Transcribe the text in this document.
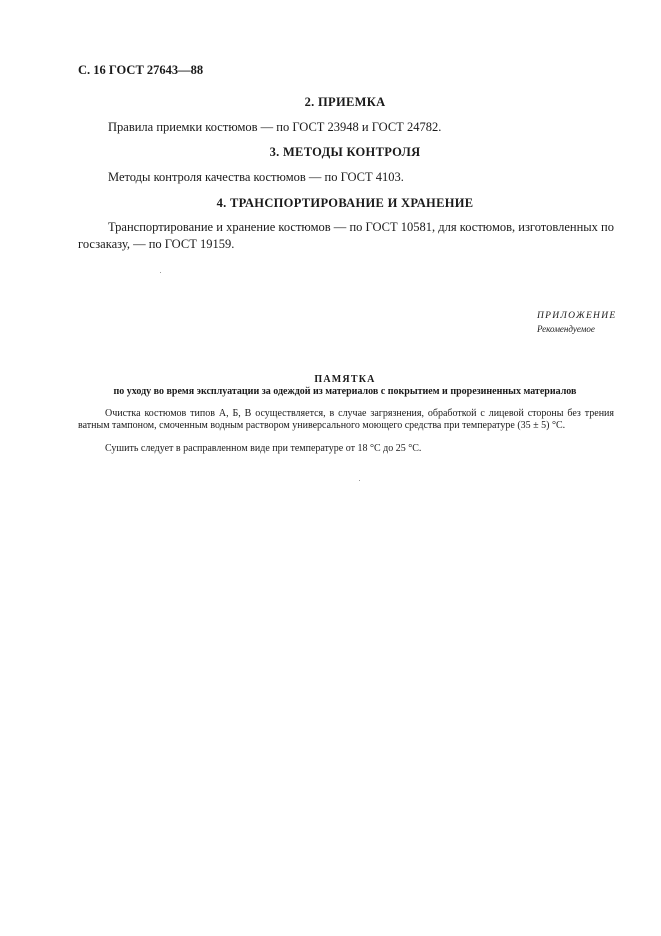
С. 16 ГОСТ 27643—88
2. ПРИЕМКА
Правила приемки костюмов — по ГОСТ 23948 и ГОСТ 24782.
3. МЕТОДЫ КОНТРОЛЯ
Методы контроля качества костюмов — по ГОСТ 4103.
4. ТРАНСПОРТИРОВАНИЕ И ХРАНЕНИЕ
Транспортирование и хранение костюмов — по ГОСТ 10581, для костюмов, изготовленных по госзаказу, — по ГОСТ 19159.
ПРИЛОЖЕНИЕ
Рекомендуемое
ПАМЯТКА
по уходу во время эксплуатации за одеждой из материалов с покрытием и прорезиненных материалов
Очистка костюмов типов А, Б, В осуществляется, в случае загрязнения, обработкой с лицевой стороны без трения ватным тампоном, смоченным водным раствором универсального моющего средства при температуре (35 ± 5) °С.
Сушить следует в расправленном виде при температуре от 18 °С до 25 °С.
